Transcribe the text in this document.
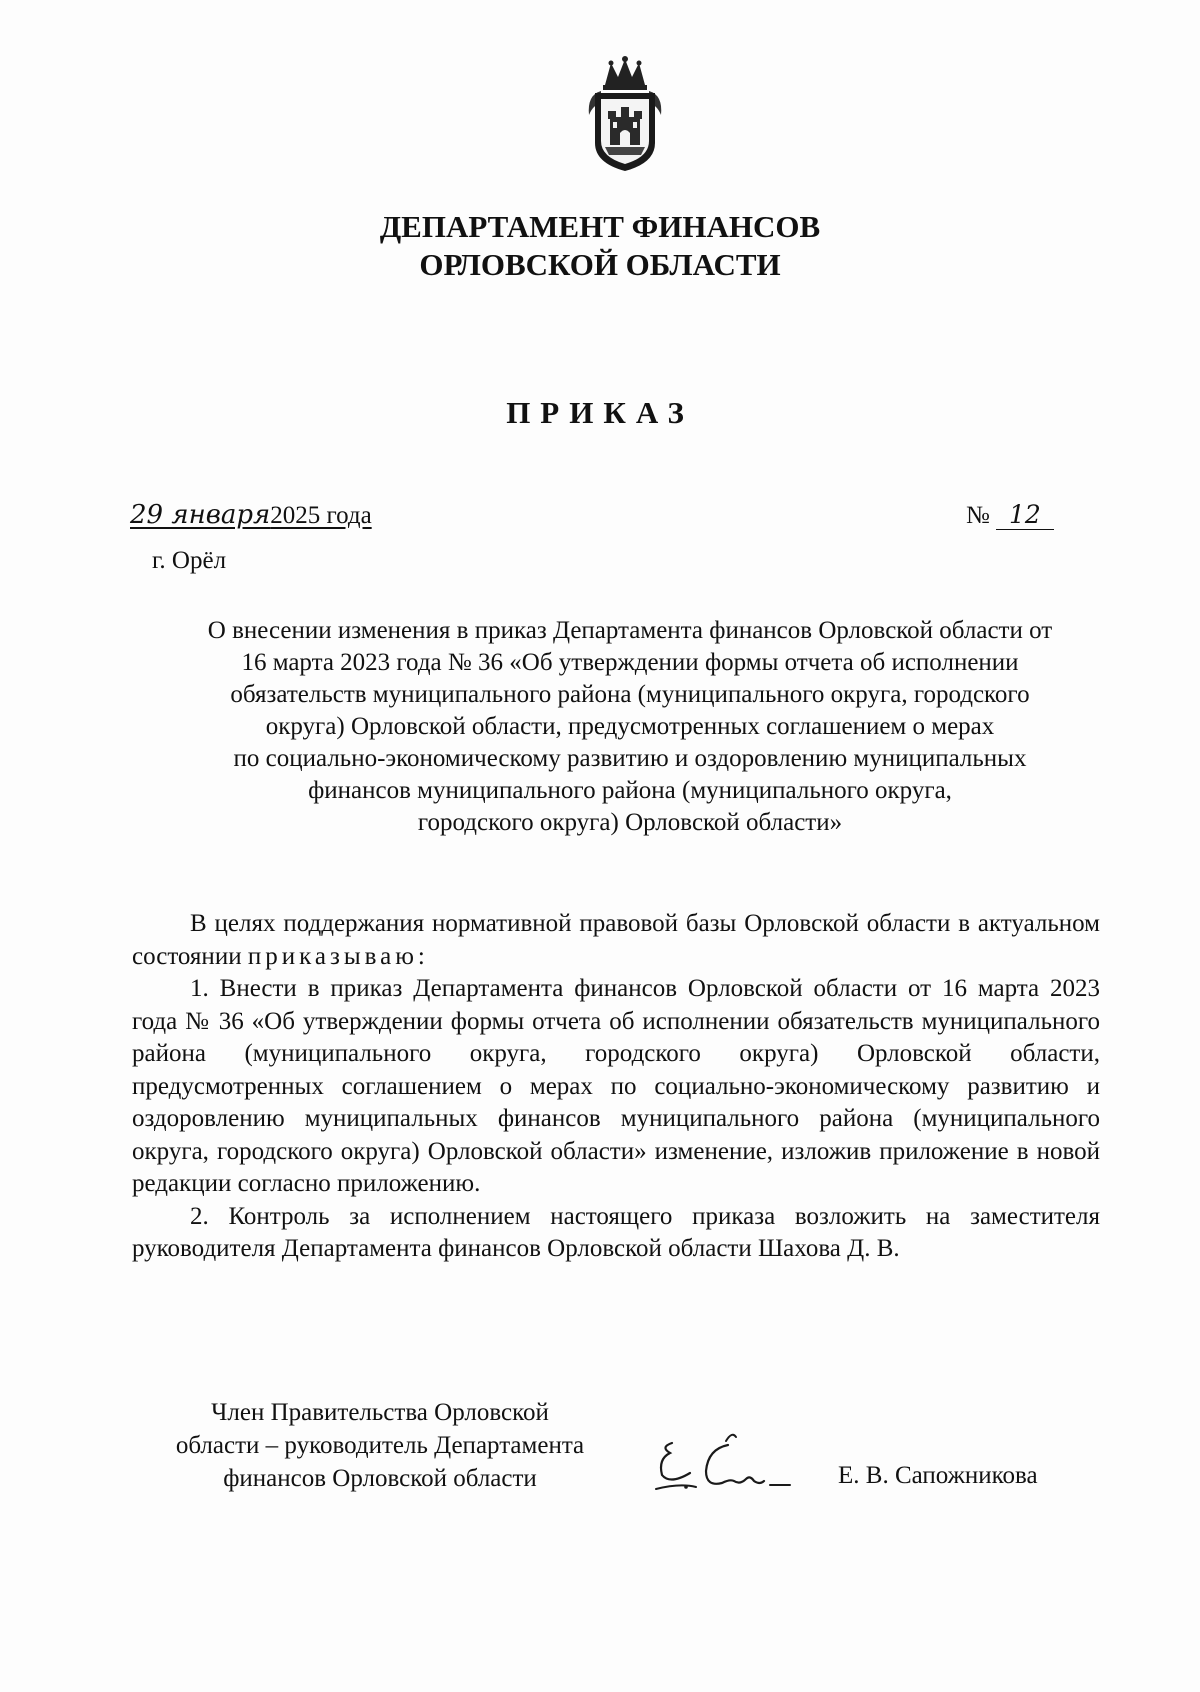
ДЕПАРТАМЕНТ ФИНАНСОВ
ОРЛОВСКОЙ ОБЛАСТИ
ПРИКАЗ
29 января2025 года	№ 12
г. Орёл
О внесении изменения в приказ Департамента финансов Орловской области от
16 марта 2023 года № 36 «Об утверждении формы отчета об исполнении
обязательств муниципального района (муниципального округа, городского
округа) Орловской области, предусмотренных соглашением о мерах
по социально-экономическому развитию и оздоровлению муниципальных
финансов муниципального района (муниципального округа,
городского округа) Орловской области»

В целях поддержания нормативной правовой базы Орловской области в актуальном состоянии приказываю:

1. Внести в приказ Департамента финансов Орловской области от 16 марта 2023 года № 36 «Об утверждении формы отчета об исполнении обязательств муниципального района (муниципального округа, городского округа) Орловской области, предусмотренных соглашением о мерах по социально-экономическому развитию и оздоровлению муниципальных финансов муниципального района (муниципального округа, городского округа) Орловской области» изменение, изложив приложение в новой редакции согласно приложению.

2. Контроль за исполнением настоящего приказа возложить на заместителя руководителя Департамента финансов Орловской области Шахова Д. В.

Член Правительства Орловской
области – руководитель Департамента
финансов Орловской области	Е. В. Сапожникова
